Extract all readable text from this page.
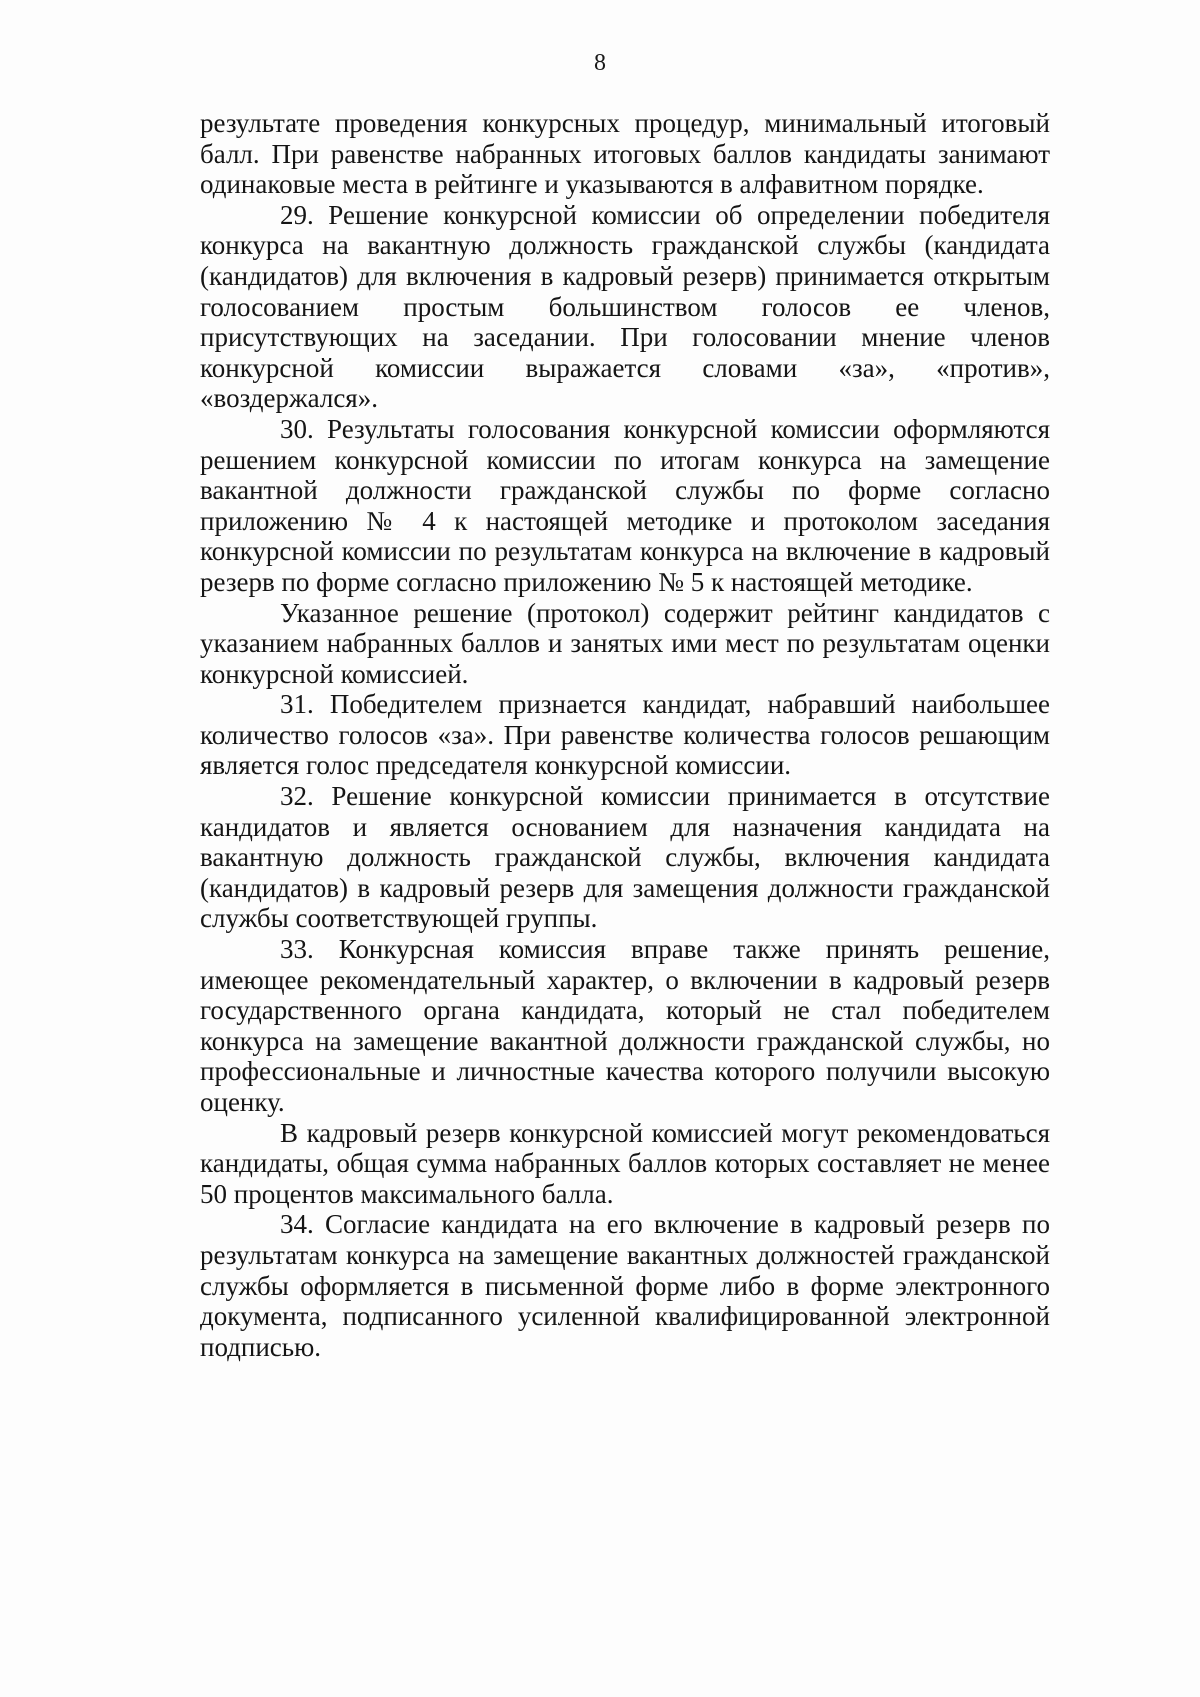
8

результате проведения конкурсных процедур, минимальный итоговый балл. При равенстве набранных итоговых баллов кандидаты занимают одинаковые места в рейтинге и указываются в алфавитном порядке.

29. Решение конкурсной комиссии об определении победителя конкурса на вакантную должность гражданской службы (кандидата (кандидатов) для включения в кадровый резерв) принимается открытым голосованием простым большинством голосов ее членов, присутствующих на заседании. При голосовании мнение членов конкурсной комиссии выражается словами «за», «против», «воздержался».

30. Результаты голосования конкурсной комиссии оформляются решением конкурсной комиссии по итогам конкурса на замещение вакантной должности гражданской службы по форме согласно приложению № 4 к настоящей методике и протоколом заседания конкурсной комиссии по результатам конкурса на включение в кадровый резерв по форме согласно приложению № 5 к настоящей методике.

Указанное решение (протокол) содержит рейтинг кандидатов с указанием набранных баллов и занятых ими мест по результатам оценки конкурсной комиссией.

31. Победителем признается кандидат, набравший наибольшее количество голосов «за». При равенстве количества голосов решающим является голос председателя конкурсной комиссии.

32. Решение конкурсной комиссии принимается в отсутствие кандидатов и является основанием для назначения кандидата на вакантную должность гражданской службы, включения кандидата (кандидатов) в кадровый резерв для замещения должности гражданской службы соответствующей группы.

33. Конкурсная комиссия вправе также принять решение, имеющее рекомендательный характер, о включении в кадровый резерв государственного органа кандидата, который не стал победителем конкурса на замещение вакантной должности гражданской службы, но профессиональные и личностные качества которого получили высокую оценку.

В кадровый резерв конкурсной комиссией могут рекомендоваться кандидаты, общая сумма набранных баллов которых составляет не менее 50 процентов максимального балла.

34. Согласие кандидата на его включение в кадровый резерв по результатам конкурса на замещение вакантных должностей гражданской службы оформляется в письменной форме либо в форме электронного документа, подписанного усиленной квалифицированной электронной подписью.
